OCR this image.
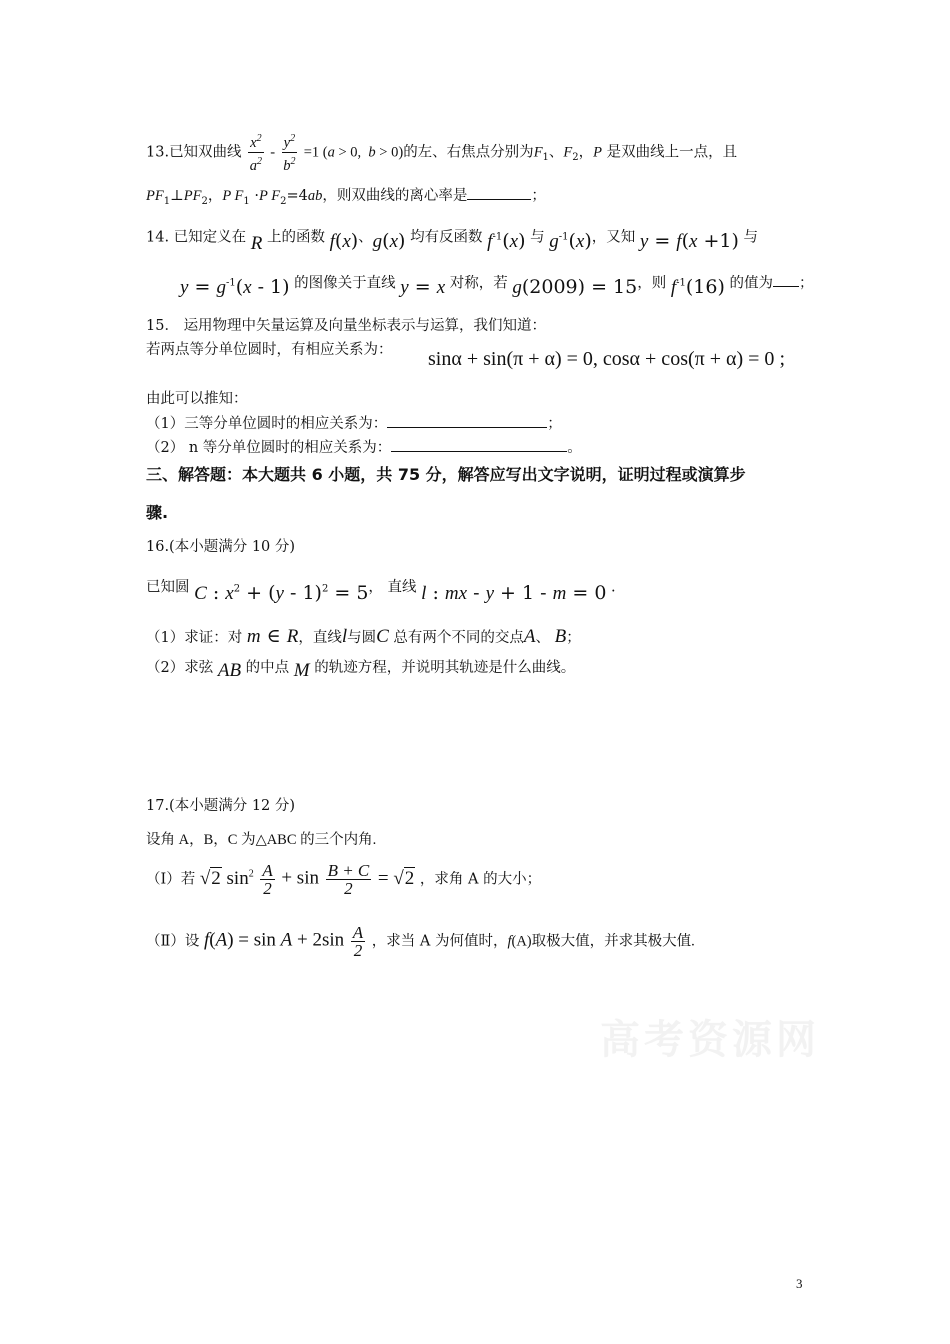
13.已知双曲线 $\frac{x^2}{a^2} - \frac{y^2}{b^2} =1$ (a > 0,  b > 0)的左、右焦点分别为$F_1$、$F_2$，P 是双曲线上一点，且
$PF_1\perp PF_2$，P $F_1 \cdot P$ $F_2=4ab$，则双曲线的离心率是	；
14. 已知定义在 R 上的函数 f(x)、g(x) 均有反函数 $f^{-1}(x)$ 与 $g^{-1}(x)$，又知 y = f(x +1) 与
$y = g^{-1}(x - 1)$ 的图像关于直线 y = x 对称，若 g(2009) = 15，则 $f^{-1}(16)$ 的值为 ；
15． 运用物理中矢量运算及向量坐标表示与运算，我们知道：
若两点等分单位圆时，有相应关系为： sinα + sin(π + α) = 0, cosα + cos(π + α) = 0 ;
由此可以推知：
（1）三等分单位圆时的相应关系为：	；
（2） n 等分单位圆时的相应关系为：	。
三、解答题：本大题共 6 小题，共 75 分，解答应写出文字说明，证明过程或演算步
骤.
16.(本小题满分 10 分)
已知圆 C : $x^2 + (y - 1)^2 = 5$， 直线 l : mx - y + 1 - m = 0 .
（1）求证：对 m ∈ R，直线l与圆C 总有两个不同的交点A、 B；
（2）求弦 AB 的中点 M 的轨迹方程，并说明其轨迹是什么曲线。
17.(本小题满分 12 分)
设角 A，B，C 为△ABC 的三个内角.
（Ⅰ）若 √2 $\sin^2 \frac{A}{2} + \sin \frac{B + C}{2} = √2$ ，求角 A 的大小；
（Ⅱ）设 $f(A) = \sin A + 2\sin \frac{A}{2}$ ，求当 A 为何值时，f(A)取极大值，并求其极大值.
高考资源网
3
